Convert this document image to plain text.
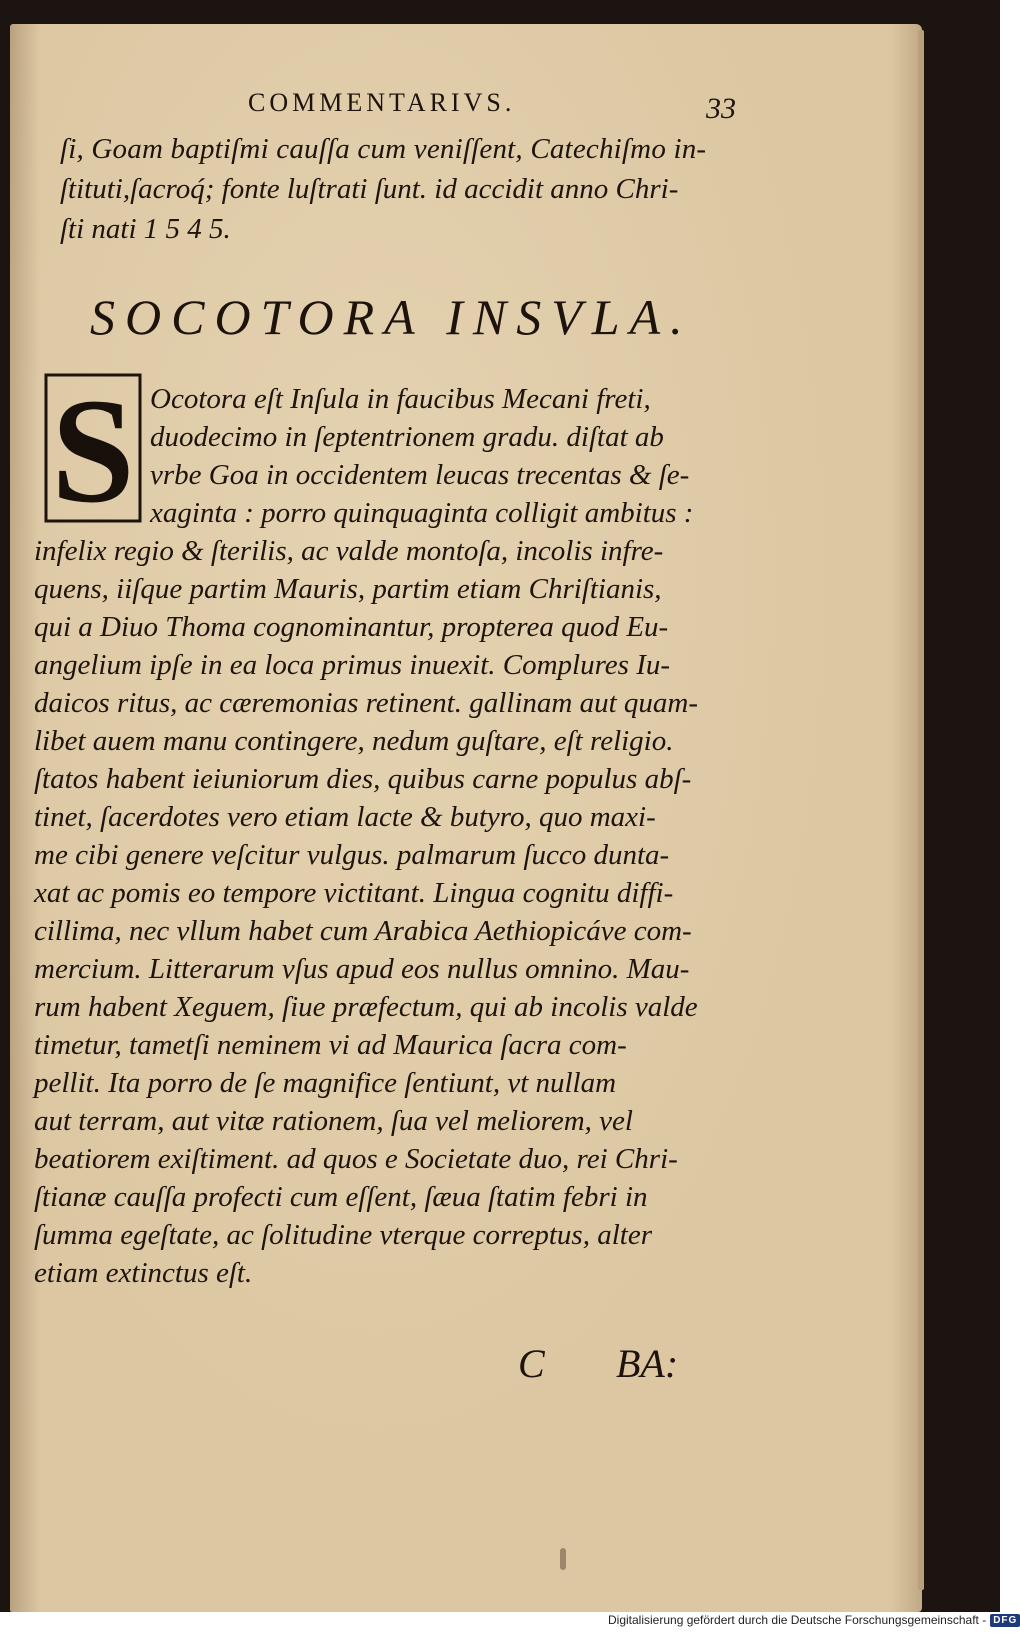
COMMENTARIVS.	33
ſi, Goam baptiſmi cauſſa cum veniſſent, Catechiſmo in-
ſtituti,ſacroq́; fonte luſtrati ſunt. id accidit anno Chri-
ſti nati 1 5 4 5.
SOCOTORA INSVLA.
S Ocotora eſt Inſula in faucibus Mecani freti,
duodecimo in ſeptentrionem gradu. diſtat ab
vrbe Goa in occidentem leucas trecentas & ſe-
xaginta : porro quinquaginta colligit ambitus :
infelix regio & ſterilis, ac valde montoſa, incolis infre-
quens, iiſque partim Mauris, partim etiam Chriſtianis,
qui a Diuo Thoma cognominantur, propterea quod Eu-
angelium ipſe in ea loca primus inuexit. Complures Iu-
daicos ritus, ac cæremonias retinent. gallinam aut quam-
libet auem manu contingere, nedum guſtare, eſt religio.
ſtatos habent ieiuniorum dies, quibus carne populus abſ-
tinet, ſacerdotes vero etiam lacte & butyro, quo maxi-
me cibi genere veſcitur vulgus. palmarum ſucco dunta-
xat ac pomis eo tempore victitant. Lingua cognitu diffi-
cillima, nec vllum habet cum Arabica Aethiopicáve com-
mercium. Litterarum vſus apud eos nullus omnino. Mau-
rum habent Xeguem, ſiue præfectum, qui ab incolis valde
timetur, tametſi neminem vi ad Maurica ſacra com-
pellit. Ita porro de ſe magnifice ſentiunt, vt nullam
aut terram, aut vitæ rationem, ſua vel meliorem, vel
beatiorem exiſtiment. ad quos e Societate duo, rei Chri-
ſtianæ cauſſa profecti cum eſſent, ſæua ſtatim febri in
ſumma egeſtate, ac ſolitudine vterque correptus, alter
etiam extinctus eſt.
C BA:
Digitalisierung gefördert durch die Deutsche Forschungsgemeinschaft - DFG
